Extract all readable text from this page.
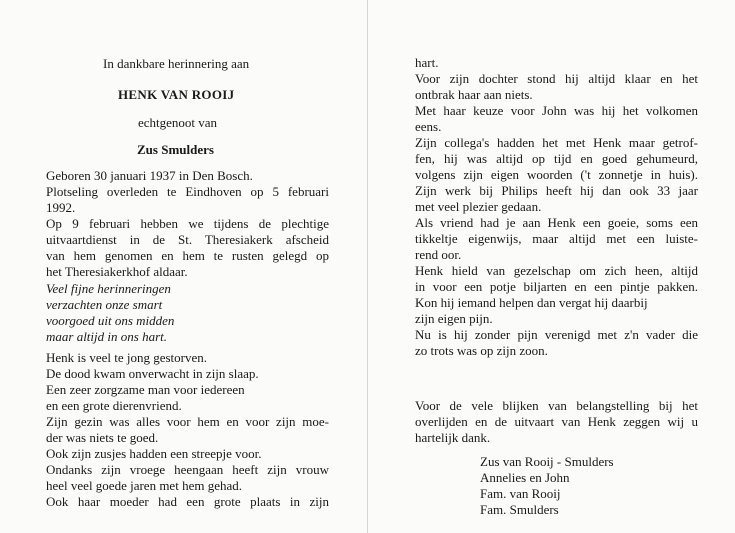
In dankbare herinnering aan
HENK VAN ROOIJ
echtgenoot van
Zus Smulders
Geboren 30 januari 1937 in Den Bosch.
Plotseling overleden te Eindhoven op 5 februari
1992.
Op 9 februari hebben we tijdens de plechtige
uitvaartdienst in de St. Theresiakerk afscheid
van hem genomen en hem te rusten gelegd op
het Theresiakerkhof aldaar.
Veel fijne herinneringen
verzachten onze smart
voorgoed uit ons midden
maar altijd in ons hart.
Henk is veel te jong gestorven.
De dood kwam onverwacht in zijn slaap.
Een zeer zorgzame man voor iedereen
en een grote dierenvriend.
Zijn gezin was alles voor hem en voor zijn moe-
der was niets te goed.
Ook zijn zusjes hadden een streepje voor.
Ondanks zijn vroege heengaan heeft zijn vrouw
heel veel goede jaren met hem gehad.
Ook haar moeder had een grote plaats in zijn
hart.
Voor zijn dochter stond hij altijd klaar en het
ontbrak haar aan niets.
Met haar keuze voor John was hij het volkomen
eens.
Zijn collega's hadden het met Henk maar getrof-
fen, hij was altijd op tijd en goed gehumeurd,
volgens zijn eigen woorden ('t zonnetje in huis).
Zijn werk bij Philips heeft hij dan ook 33 jaar
met veel plezier gedaan.
Als vriend had je aan Henk een goeie, soms een
tikkeltje eigenwijs, maar altijd met een luiste-
rend oor.
Henk hield van gezelschap om zich heen, altijd
in voor een potje biljarten en een pintje pakken.
Kon hij iemand helpen dan vergat hij daarbij
zijn eigen pijn.
Nu is hij zonder pijn verenigd met z'n vader die
zo trots was op zijn zoon.
Voor de vele blijken van belangstelling bij het
overlijden en de uitvaart van Henk zeggen wij u
hartelijk dank.
Zus van Rooij - Smulders
Annelies en John
Fam. van Rooij
Fam. Smulders
